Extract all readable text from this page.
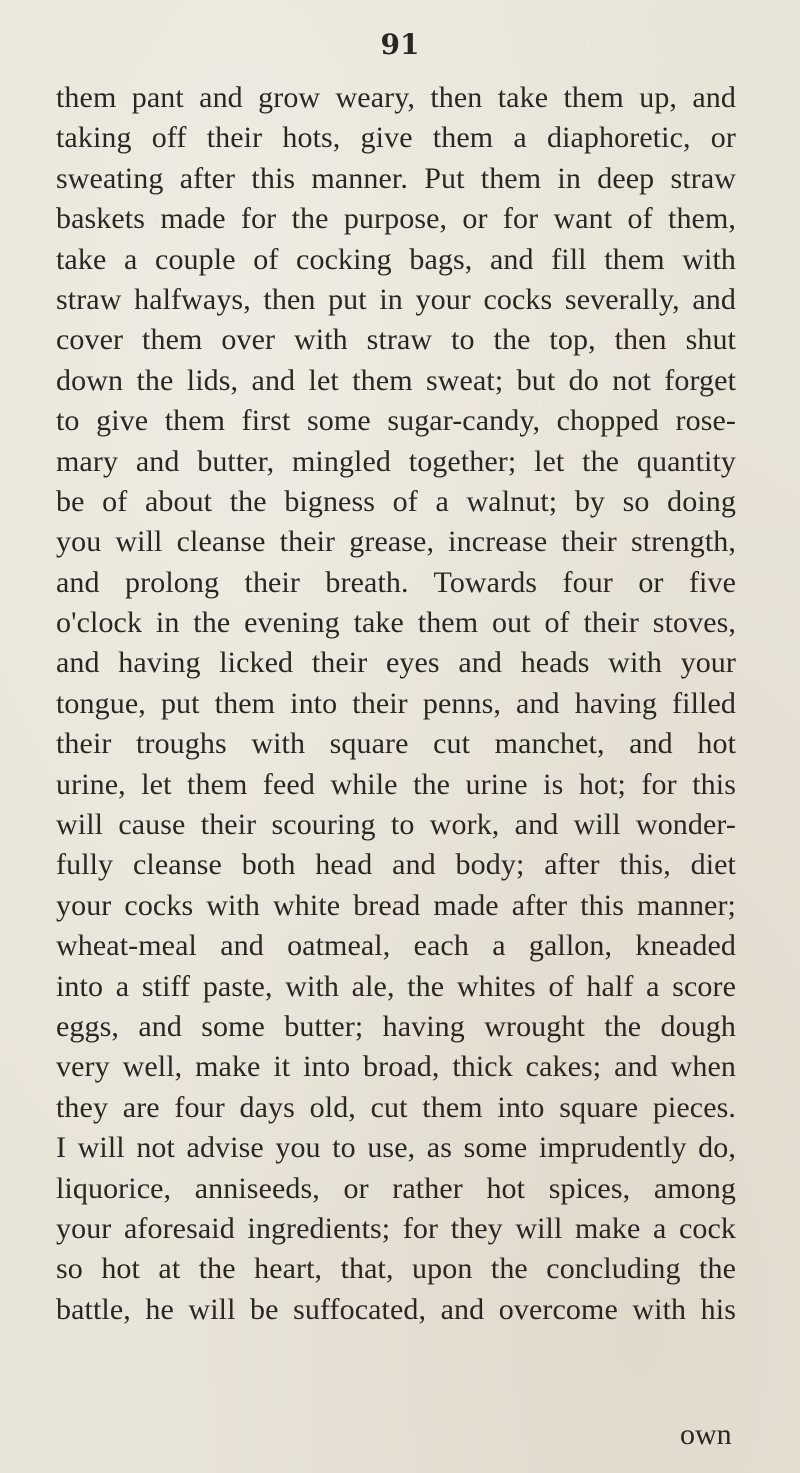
91
them pant and grow weary, then take them up, and
taking off their hots, give them a diaphoretic, or
sweating after this manner. Put them in deep straw
baskets made for the purpose, or for want of them,
take a couple of cocking bags, and fill them with
straw halfways, then put in your cocks severally, and
cover them over with straw to the top, then shut
down the lids, and let them sweat; but do not forget
to give them first some sugar-candy, chopped rose-
mary and butter, mingled together; let the quantity
be of about the bigness of a walnut; by so doing
you will cleanse their grease, increase their strength,
and prolong their breath. Towards four or five
o'clock in the evening take them out of their stoves,
and having licked their eyes and heads with your
tongue, put them into their penns, and having filled
their troughs with square cut manchet, and hot
urine, let them feed while the urine is hot; for this
will cause their scouring to work, and will wonder-
fully cleanse both head and body; after this, diet
your cocks with white bread made after this manner;
wheat-meal and oatmeal, each a gallon, kneaded
into a stiff paste, with ale, the whites of half a score
eggs, and some butter; having wrought the dough
very well, make it into broad, thick cakes; and when
they are four days old, cut them into square pieces.
I will not advise you to use, as some imprudently do,
liquorice, anniseeds, or rather hot spices, among
your aforesaid ingredients; for they will make a cock
so hot at the heart, that, upon the concluding the
battle, he will be suffocated, and overcome with his
own
